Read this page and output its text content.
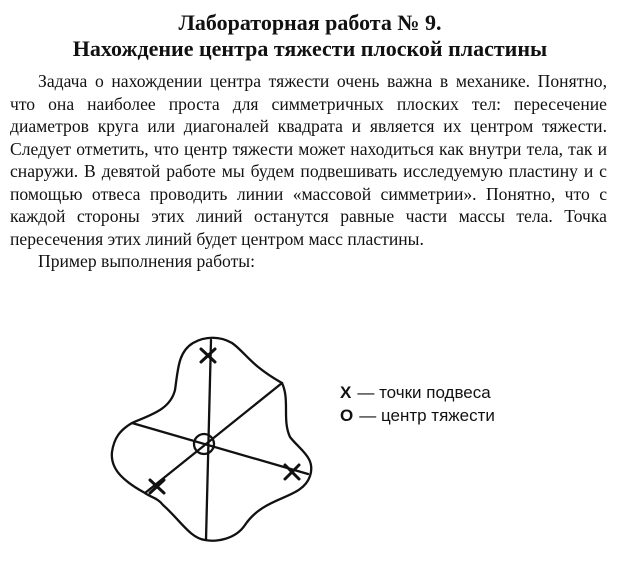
Лабораторная работа № 9.
Нахождение центра тяжести плоской пластины

Задача о нахождении центра тяжести очень важна в механике. Понятно, что она наиболее проста для симметричных плоских тел: пересечение диаметров круга или диагоналей квадрата и является их центром тяжести. Следует отметить, что центр тяжести может находиться как внутри тела, так и снаружи. В девятой работе мы будем подвешивать исследуемую пластину и с помощью отвеса проводить линии «массовой симметрии». Понятно, что с каждой стороны этих линий останутся равные части массы тела. Точка пересечения этих линий будет центром масс пластины.

Пример выполнения работы:

X — точки подвеса
O — центр тяжести
